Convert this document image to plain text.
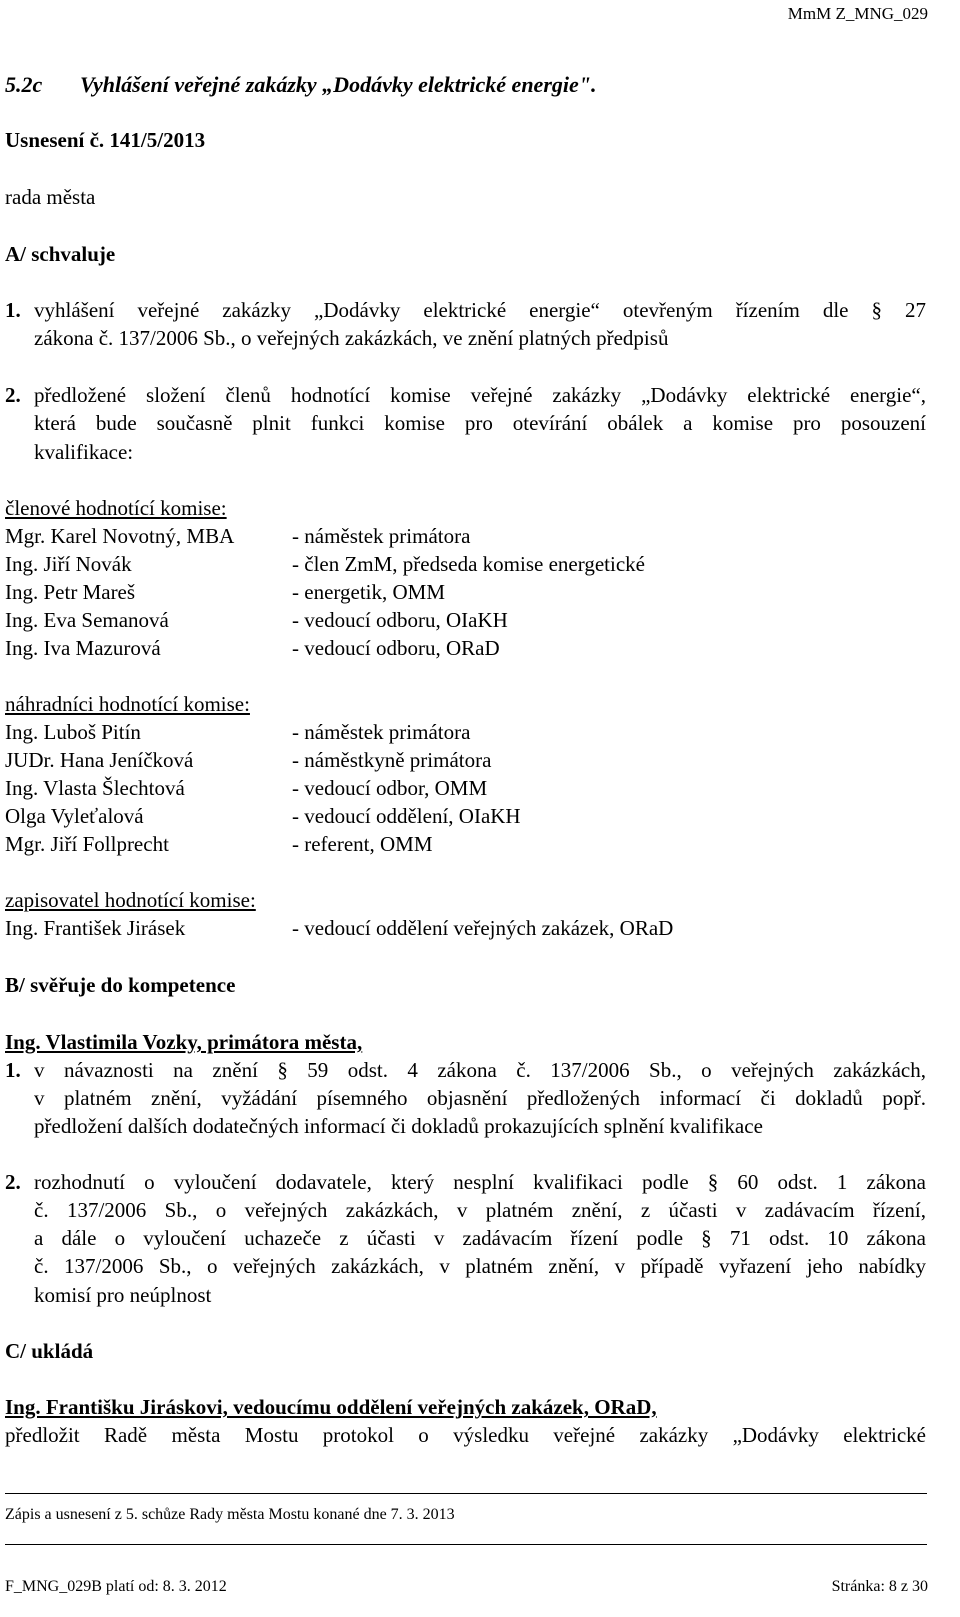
MmM Z_MNG_029
5.2c Vyhlášení veřejné zakázky „Dodávky elektrické energie".
Usnesení č. 141/5/2013
rada města
A/ schvaluje
1. vyhlášení veřejné zakázky „Dodávky elektrické energie“ otevřeným řízením dle § 27
zákona č. 137/2006 Sb., o veřejných zakázkách, ve znění platných předpisů
2. předložené složení členů hodnotící komise veřejné zakázky „Dodávky elektrické energie“,
která bude současně plnit funkci komise pro otevírání obálek a komise pro posouzení
kvalifikace:
členové hodnotící komise:
Mgr. Karel Novotný, MBA	- náměstek primátora
Ing. Jiří Novák	- člen ZmM, předseda komise energetické
Ing. Petr Mareš	- energetik, OMM
Ing. Eva Semanová	- vedoucí odboru, OIaKH
Ing. Iva Mazurová	- vedoucí odboru, ORaD
náhradníci hodnotící komise:
Ing. Luboš Pitín	- náměstek primátora
JUDr. Hana Jeníčková	- náměstkyně primátora
Ing. Vlasta Šlechtová	- vedoucí odbor, OMM
Olga Vyleťalová	- vedoucí oddělení, OIaKH
Mgr. Jiří Follprecht	- referent, OMM
zapisovatel hodnotící komise:
Ing. František Jirásek	- vedoucí oddělení veřejných zakázek, ORaD
B/ svěřuje do kompetence
Ing. Vlastimila Vozky, primátora města,
1. v návaznosti na znění § 59 odst. 4 zákona č. 137/2006 Sb., o veřejných zakázkách,
v platném znění, vyžádání písemného objasnění předložených informací či dokladů popř.
předložení dalších dodatečných informací či dokladů prokazujících splnění kvalifikace
2. rozhodnutí o vyloučení dodavatele, který nesplní kvalifikaci podle § 60 odst. 1 zákona
č. 137/2006 Sb., o veřejných zakázkách, v platném znění, z účasti v zadávacím řízení,
a dále o vyloučení uchazeče z účasti v zadávacím řízení podle § 71 odst. 10 zákona
č. 137/2006 Sb., o veřejných zakázkách, v platném znění, v případě vyřazení jeho nabídky
komisí pro neúplnost
C/ ukládá
Ing. Františku Jiráskovi, vedoucímu oddělení veřejných zakázek, ORaD,
předložit Radě města Mostu protokol o výsledku veřejné zakázky „Dodávky elektrické
Zápis a usnesení z 5. schůze Rady města Mostu konané dne 7. 3. 2013
F_MNG_029B platí od: 8. 3. 2012	Stránka: 8 z 30
